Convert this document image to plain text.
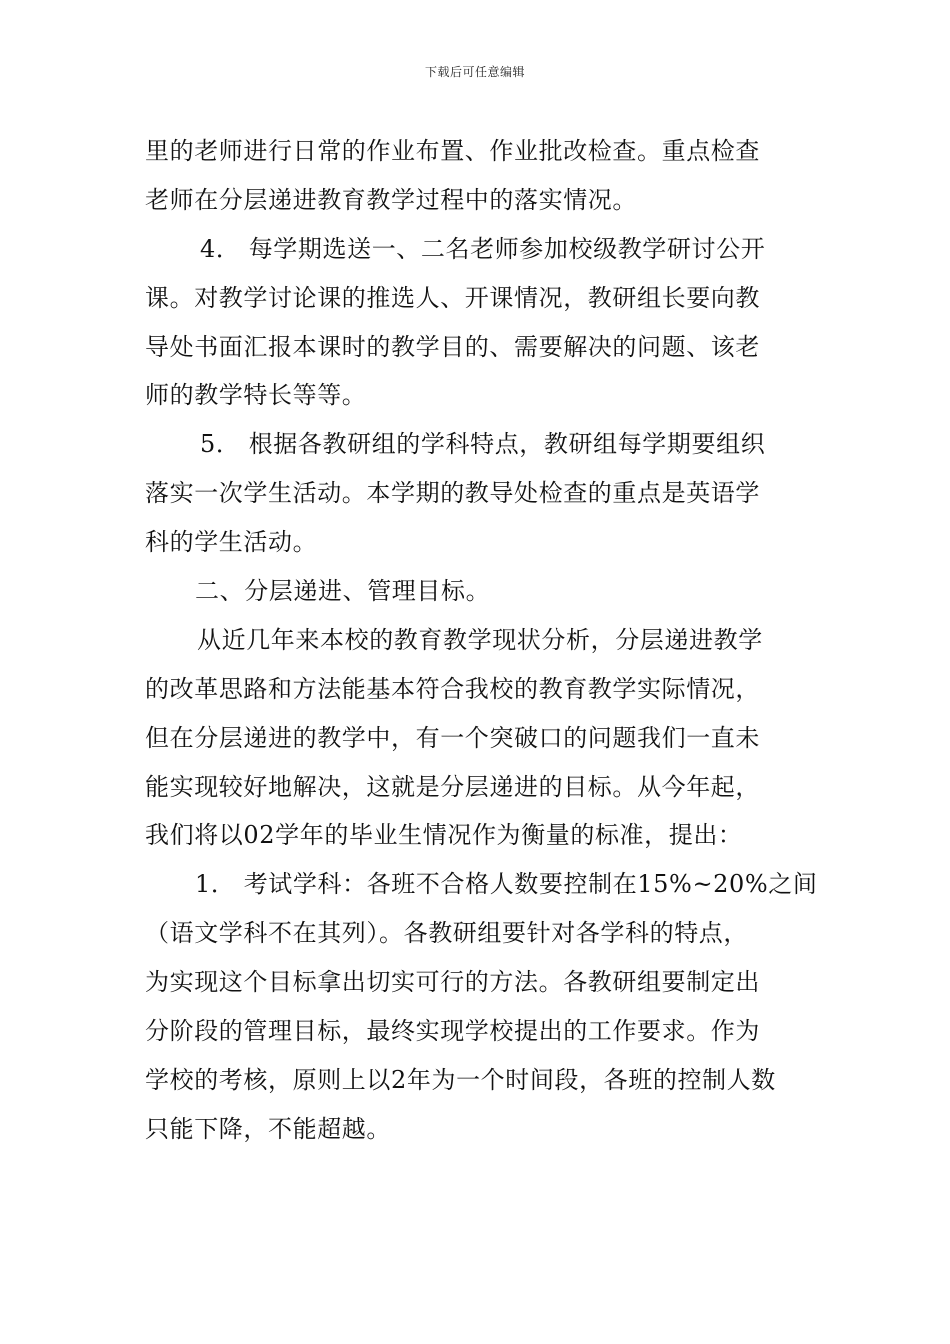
下载后可任意编辑
里的老师进行日常的作业布置、作业批改检查。重点检查
老师在分层递进教育教学过程中的落实情况。
4． 每学期选送一、二名老师参加校级教学研讨公开
课。对教学讨论课的推选人、开课情况，教研组长要向教
导处书面汇报本课时的教学目的、需要解决的问题、该老
师的教学特长等等。
5． 根据各教研组的学科特点，教研组每学期要组织
落实一次学生活动。本学期的教导处检查的重点是英语学
科的学生活动。
二、分层递进、管理目标。
从近几年来本校的教育教学现状分析，分层递进教学
的改革思路和方法能基本符合我校的教育教学实际情况，
但在分层递进的教学中，有一个突破口的问题我们一直未
能实现较好地解决，这就是分层递进的目标。从今年起，
我们将以02学年的毕业生情况作为衡量的标准，提出：
1． 考试学科：各班不合格人数要控制在15%~20%之间
（语文学科不在其列）。各教研组要针对各学科的特点，
为实现这个目标拿出切实可行的方法。各教研组要制定出
分阶段的管理目标，最终实现学校提出的工作要求。作为
学校的考核，原则上以2年为一个时间段，各班的控制人数
只能下降，不能超越。
